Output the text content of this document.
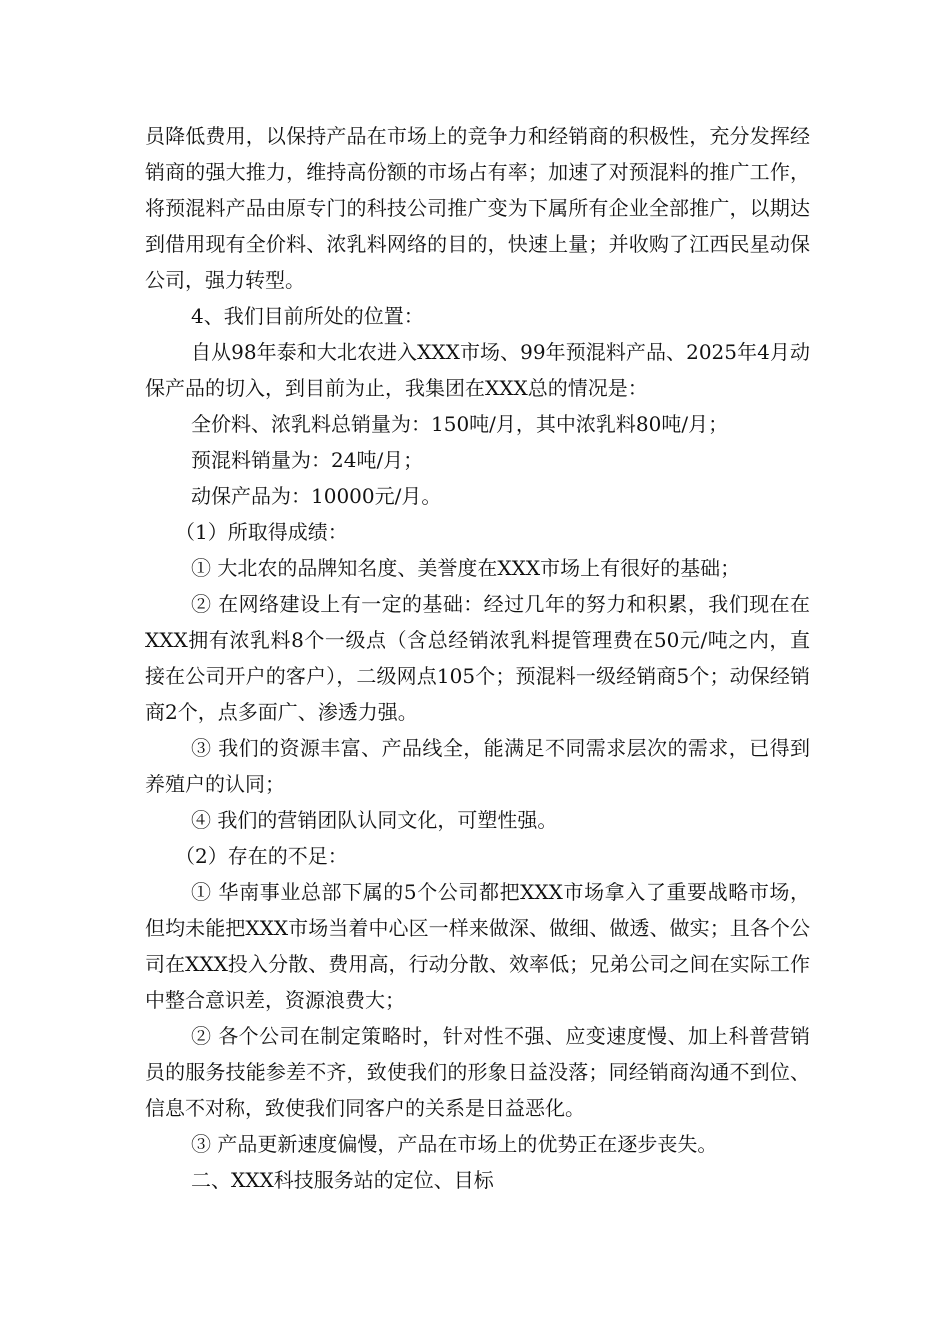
员降低费用，以保持产品在市场上的竞争力和经销商的积极性，充分发挥经销商的强大推力，维持高份额的市场占有率；加速了对预混料的推广工作，将预混料产品由原专门的科技公司推广变为下属所有企业全部推广，以期达到借用现有全价料、浓乳料网络的目的，快速上量；并收购了江西民星动保公司，强力转型。

4、我们目前所处的位置：

自从98年泰和大北农进入XXX市场、99年预混料产品、2025年4月动保产品的切入，到目前为止，我集团在XXX总的情况是：

全价料、浓乳料总销量为：150吨/月，其中浓乳料80吨/月；

预混料销量为：24吨/月；

动保产品为：10000元/月。

（1）所取得成绩：

① 大北农的品牌知名度、美誉度在XXX市场上有很好的基础；

② 在网络建设上有一定的基础：经过几年的努力和积累，我们现在在XXX拥有浓乳料8个一级点（含总经销浓乳料提管理费在50元/吨之内，直接在公司开户的客户），二级网点105个；预混料一级经销商5个；动保经销商2个，点多面广、渗透力强。

③ 我们的资源丰富、产品线全，能满足不同需求层次的需求，已得到养殖户的认同；

④ 我们的营销团队认同文化，可塑性强。

（2）存在的不足：

① 华南事业总部下属的5个公司都把XXX市场拿入了重要战略市场，但均未能把XXX市场当着中心区一样来做深、做细、做透、做实；且各个公司在XXX投入分散、费用高，行动分散、效率低；兄弟公司之间在实际工作中整合意识差，资源浪费大；

② 各个公司在制定策略时，针对性不强、应变速度慢、加上科普营销员的服务技能参差不齐，致使我们的形象日益没落；同经销商沟通不到位、信息不对称，致使我们同客户的关系是日益恶化。

③ 产品更新速度偏慢，产品在市场上的优势正在逐步丧失。

二、XXX科技服务站的定位、目标
